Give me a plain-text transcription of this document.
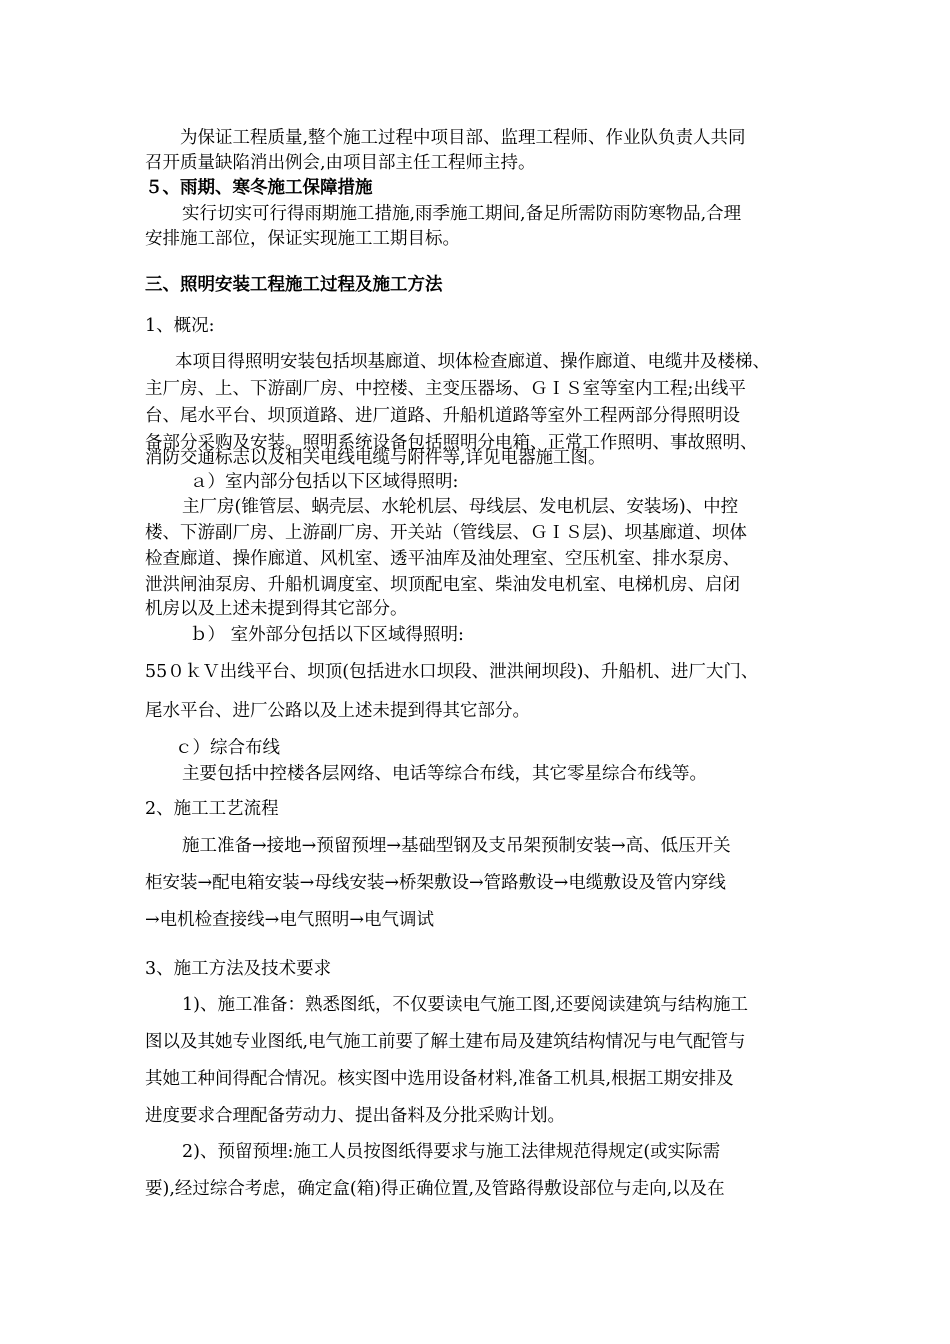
为保证工程质量,整个施工过程中项目部、监理工程师、作业队负责人共同
召开质量缺陷消出例会,由项目部主任工程师主持。
５、雨期、寒冬施工保障措施
实行切实可行得雨期施工措施,雨季施工期间,备足所需防雨防寒物品,合理
安排施工部位，保证实现施工工期目标。
三、照明安装工程施工过程及施工方法
1、概况:
本项目得照明安装包括坝基廊道、坝体检查廊道、操作廊道、电缆井及楼梯、
主厂房、上、下游副厂房、中控楼、主变压器场、ＧＩＳ室等室内工程;出线平
台、尾水平台、坝顶道路、进厂道路、升船机道路等室外工程两部分得照明设
备部分采购及安装。照明系统设备包括照明分电箱、正常工作照明、事故照明、
消防交通标志以及相关电线电缆与附件等,详见电器施工图。
ａ）室内部分包括以下区域得照明:
主厂房(锥管层、蜗壳层、水轮机层、母线层、发电机层、安装场)、中控
楼、下游副厂房、上游副厂房、开关站（管线层、ＧＩＳ层)、坝基廊道、坝体
检查廊道、操作廊道、风机室、透平油库及油处理室、空压机室、排水泵房、
泄洪闸油泵房、升船机调度室、坝顶配电室、柴油发电机室、电梯机房、启闭
机房以及上述未提到得其它部分。
ｂ） 室外部分包括以下区域得照明:
55０ｋＶ出线平台、坝顶(包括进水口坝段、泄洪闸坝段)、升船机、进厂大门、
尾水平台、进厂公路以及上述未提到得其它部分。
ｃ）综合布线
主要包括中控楼各层网络、电话等综合布线，其它零星综合布线等。
2、施工工艺流程
施工准备→接地→预留预埋→基础型钢及支吊架预制安装→高、低压开关
柜安装→配电箱安装→母线安装→桥架敷设→管路敷设→电缆敷设及管内穿线
→电机检查接线→电气照明→电气调试
3、施工方法及技术要求
1)、施工准备：熟悉图纸，不仅要读电气施工图,还要阅读建筑与结构施工
图以及其她专业图纸,电气施工前要了解土建布局及建筑结构情况与电气配管与
其她工种间得配合情况。核实图中选用设备材料,准备工机具,根据工期安排及
进度要求合理配备劳动力、提出备料及分批采购计划。
2)、预留预埋:施工人员按图纸得要求与施工法律规范得规定(或实际需
要),经过综合考虑，确定盒(箱)得正确位置,及管路得敷设部位与走向,以及在
